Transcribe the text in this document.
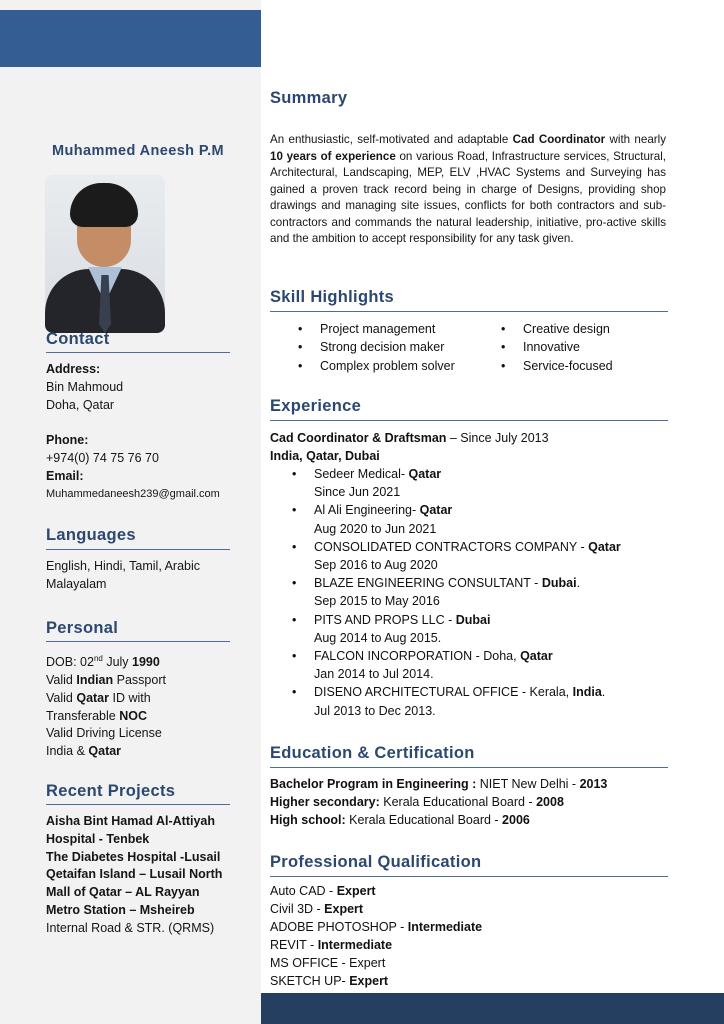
Muhammed Aneesh P.M
Contact
Address:
Bin Mahmoud
Doha, Qatar
Phone:
+974(0) 74 75 76 70
Email:
Muhammedaneesh239@gmail.com
Languages
English, Hindi, Tamil, Arabic
Malayalam
Personal
DOB: 02nd July 1990
Valid Indian Passport
Valid Qatar ID with
Transferable NOC
Valid Driving License
India & Qatar
Recent Projects
Aisha Bint Hamad Al-Attiyah
Hospital - Tenbek
The Diabetes Hospital -Lusail
Qetaifan Island – Lusail North
Mall of Qatar – AL Rayyan
Metro Station – Msheireb
Internal Road & STR. (QRMS)
Summary
An enthusiastic, self-motivated and adaptable Cad Coordinator with nearly 10 years of experience on various Road, Infrastructure services, Structural, Architectural, Landscaping, MEP, ELV ,HVAC Systems and Surveying has gained a proven track record being in charge of Designs, providing shop drawings and managing site issues, conflicts for both contractors and sub-contractors and commands the natural leadership, initiative, pro-active skills and the ambition to accept responsibility for any task given.
Skill Highlights
• Project management
• Strong decision maker
• Complex problem solver
• Creative design
• Innovative
• Service-focused
Experience
Cad Coordinator & Draftsman – Since July 2013
India, Qatar, Dubai
• Sedeer Medical- Qatar
Since Jun 2021
• Al Ali Engineering- Qatar
Aug 2020 to Jun 2021
• CONSOLIDATED CONTRACTORS COMPANY - Qatar
Sep 2016 to Aug 2020
• BLAZE ENGINEERING CONSULTANT - Dubai.
Sep 2015 to May 2016
• PITS AND PROPS LLC - Dubai
Aug 2014 to Aug 2015.
• FALCON INCORPORATION - Doha, Qatar
Jan 2014 to Jul 2014.
• DISENO ARCHITECTURAL OFFICE - Kerala, India.
Jul 2013 to Dec 2013.
Education & Certification
Bachelor Program in Engineering : NIET New Delhi - 2013
Higher secondary: Kerala Educational Board - 2008
High school: Kerala Educational Board - 2006
Professional Qualification
Auto CAD - Expert
Civil 3D - Expert
ADOBE PHOTOSHOP - Intermediate
REVIT - Intermediate
MS OFFICE - Expert
SKETCH UP- Expert
